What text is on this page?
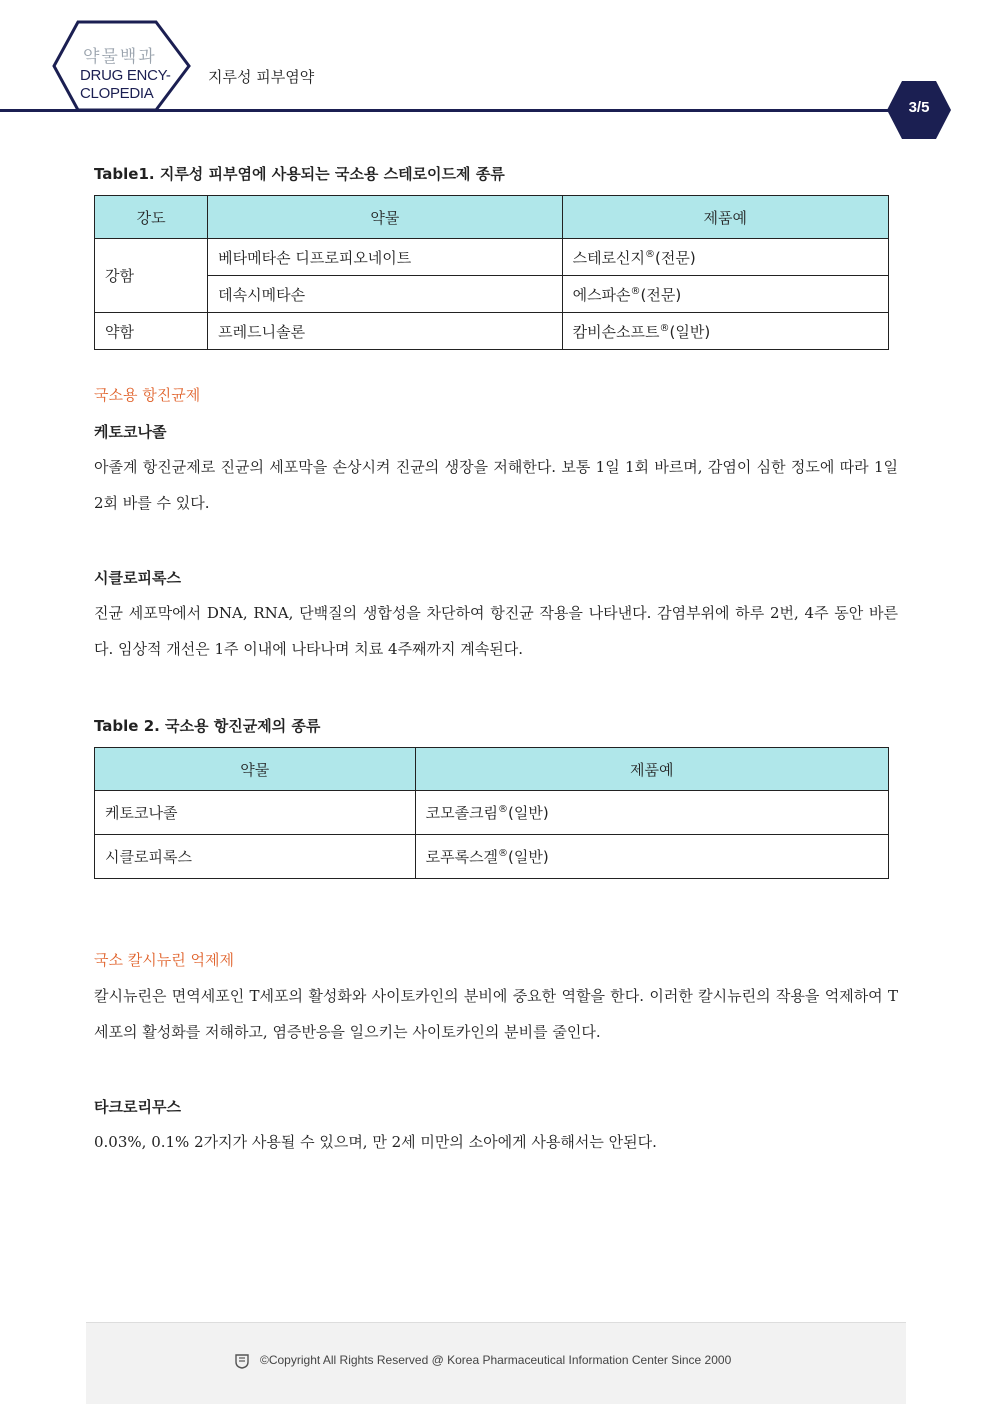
약물백과
DRUG ENCY-
CLOPEDIA
지루성 피부염약
3/5
Table1. 지루성 피부염에 사용되는 국소용 스테로이드제 종류
강도	약물	제품예
강함	베타메타손 디프로피오네이트	스테로신지®(전문)
	데속시메타손	에스파손®(전문)
약함	프레드니솔론	캄비손소프트®(일반)
국소용 항진균제
케토코나졸
아졸계 항진균제로 진균의 세포막을 손상시켜 진균의 생장을 저해한다. 보통 1일 1회 바르며, 감염이 심한 정도에 따라 1일 2회 바를 수 있다.
시클로피록스
진균 세포막에서 DNA, RNA, 단백질의 생합성을 차단하여 항진균 작용을 나타낸다. 감염부위에 하루 2번, 4주 동안 바른다. 임상적 개선은 1주 이내에 나타나며 치료 4주째까지 계속된다.
Table 2. 국소용 항진균제의 종류
약물	제품예
케토코나졸	코모졸크림®(일반)
시클로피록스	로푸록스겔®(일반)
국소 칼시뉴린 억제제
칼시뉴린은 면역세포인 T세포의 활성화와 사이토카인의 분비에 중요한 역할을 한다. 이러한 칼시뉴린의 작용을 억제하여 T세포의 활성화를 저해하고, 염증반응을 일으키는 사이토카인의 분비를 줄인다.
타크로리무스
0.03%, 0.1% 2가지가 사용될 수 있으며, 만 2세 미만의 소아에게 사용해서는 안된다.
©Copyright All Rights Reserved @ Korea Pharmaceutical Information Center Since 2000
